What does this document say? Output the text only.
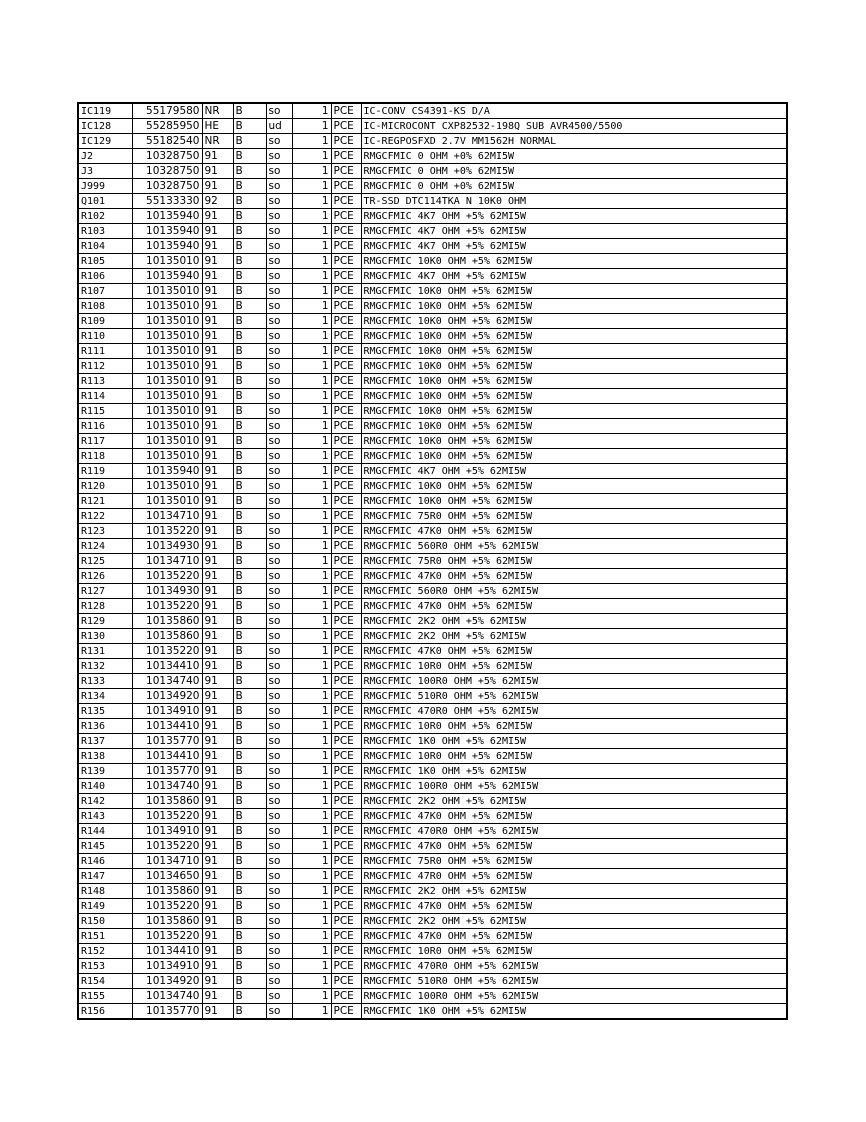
IC119	55179580	NR	B	so	1	PCE	IC-CONV CS4391-KS D/A
IC128	55285950	HE	B	ud	1	PCE	IC-MICROCONT CXP82532-198Q SUB AVR4500/5500
IC129	55182540	NR	B	so	1	PCE	IC-REGPOSFXD 2.7V MM1562H NORMAL
J2	10328750	91	B	so	1	PCE	RMGCFMIC 0 OHM +0% 62MI5W
J3	10328750	91	B	so	1	PCE	RMGCFMIC 0 OHM +0% 62MI5W
J999	10328750	91	B	so	1	PCE	RMGCFMIC 0 OHM +0% 62MI5W
Q101	55133330	92	B	so	1	PCE	TR-SSD DTC114TKA N 10K0 OHM
R102	10135940	91	B	so	1	PCE	RMGCFMIC 4K7 OHM +5% 62MI5W
R103	10135940	91	B	so	1	PCE	RMGCFMIC 4K7 OHM +5% 62MI5W
R104	10135940	91	B	so	1	PCE	RMGCFMIC 4K7 OHM +5% 62MI5W
R105	10135010	91	B	so	1	PCE	RMGCFMIC 10K0 OHM +5% 62MI5W
R106	10135940	91	B	so	1	PCE	RMGCFMIC 4K7 OHM +5% 62MI5W
R107	10135010	91	B	so	1	PCE	RMGCFMIC 10K0 OHM +5% 62MI5W
R108	10135010	91	B	so	1	PCE	RMGCFMIC 10K0 OHM +5% 62MI5W
R109	10135010	91	B	so	1	PCE	RMGCFMIC 10K0 OHM +5% 62MI5W
R110	10135010	91	B	so	1	PCE	RMGCFMIC 10K0 OHM +5% 62MI5W
R111	10135010	91	B	so	1	PCE	RMGCFMIC 10K0 OHM +5% 62MI5W
R112	10135010	91	B	so	1	PCE	RMGCFMIC 10K0 OHM +5% 62MI5W
R113	10135010	91	B	so	1	PCE	RMGCFMIC 10K0 OHM +5% 62MI5W
R114	10135010	91	B	so	1	PCE	RMGCFMIC 10K0 OHM +5% 62MI5W
R115	10135010	91	B	so	1	PCE	RMGCFMIC 10K0 OHM +5% 62MI5W
R116	10135010	91	B	so	1	PCE	RMGCFMIC 10K0 OHM +5% 62MI5W
R117	10135010	91	B	so	1	PCE	RMGCFMIC 10K0 OHM +5% 62MI5W
R118	10135010	91	B	so	1	PCE	RMGCFMIC 10K0 OHM +5% 62MI5W
R119	10135940	91	B	so	1	PCE	RMGCFMIC 4K7 OHM +5% 62MI5W
R120	10135010	91	B	so	1	PCE	RMGCFMIC 10K0 OHM +5% 62MI5W
R121	10135010	91	B	so	1	PCE	RMGCFMIC 10K0 OHM +5% 62MI5W
R122	10134710	91	B	so	1	PCE	RMGCFMIC 75R0 OHM +5% 62MI5W
R123	10135220	91	B	so	1	PCE	RMGCFMIC 47K0 OHM +5% 62MI5W
R124	10134930	91	B	so	1	PCE	RMGCFMIC 560R0 OHM +5% 62MI5W
R125	10134710	91	B	so	1	PCE	RMGCFMIC 75R0 OHM +5% 62MI5W
R126	10135220	91	B	so	1	PCE	RMGCFMIC 47K0 OHM +5% 62MI5W
R127	10134930	91	B	so	1	PCE	RMGCFMIC 560R0 OHM +5% 62MI5W
R128	10135220	91	B	so	1	PCE	RMGCFMIC 47K0 OHM +5% 62MI5W
R129	10135860	91	B	so	1	PCE	RMGCFMIC 2K2 OHM +5% 62MI5W
R130	10135860	91	B	so	1	PCE	RMGCFMIC 2K2 OHM +5% 62MI5W
R131	10135220	91	B	so	1	PCE	RMGCFMIC 47K0 OHM +5% 62MI5W
R132	10134410	91	B	so	1	PCE	RMGCFMIC 10R0 OHM +5% 62MI5W
R133	10134740	91	B	so	1	PCE	RMGCFMIC 100R0 OHM +5% 62MI5W
R134	10134920	91	B	so	1	PCE	RMGCFMIC 510R0 OHM +5% 62MI5W
R135	10134910	91	B	so	1	PCE	RMGCFMIC 470R0 OHM +5% 62MI5W
R136	10134410	91	B	so	1	PCE	RMGCFMIC 10R0 OHM +5% 62MI5W
R137	10135770	91	B	so	1	PCE	RMGCFMIC 1K0 OHM +5% 62MI5W
R138	10134410	91	B	so	1	PCE	RMGCFMIC 10R0 OHM +5% 62MI5W
R139	10135770	91	B	so	1	PCE	RMGCFMIC 1K0 OHM +5% 62MI5W
R140	10134740	91	B	so	1	PCE	RMGCFMIC 100R0 OHM +5% 62MI5W
R142	10135860	91	B	so	1	PCE	RMGCFMIC 2K2 OHM +5% 62MI5W
R143	10135220	91	B	so	1	PCE	RMGCFMIC 47K0 OHM +5% 62MI5W
R144	10134910	91	B	so	1	PCE	RMGCFMIC 470R0 OHM +5% 62MI5W
R145	10135220	91	B	so	1	PCE	RMGCFMIC 47K0 OHM +5% 62MI5W
R146	10134710	91	B	so	1	PCE	RMGCFMIC 75R0 OHM +5% 62MI5W
R147	10134650	91	B	so	1	PCE	RMGCFMIC 47R0 OHM +5% 62MI5W
R148	10135860	91	B	so	1	PCE	RMGCFMIC 2K2 OHM +5% 62MI5W
R149	10135220	91	B	so	1	PCE	RMGCFMIC 47K0 OHM +5% 62MI5W
R150	10135860	91	B	so	1	PCE	RMGCFMIC 2K2 OHM +5% 62MI5W
R151	10135220	91	B	so	1	PCE	RMGCFMIC 47K0 OHM +5% 62MI5W
R152	10134410	91	B	so	1	PCE	RMGCFMIC 10R0 OHM +5% 62MI5W
R153	10134910	91	B	so	1	PCE	RMGCFMIC 470R0 OHM +5% 62MI5W
R154	10134920	91	B	so	1	PCE	RMGCFMIC 510R0 OHM +5% 62MI5W
R155	10134740	91	B	so	1	PCE	RMGCFMIC 100R0 OHM +5% 62MI5W
R156	10135770	91	B	so	1	PCE	RMGCFMIC 1K0 OHM +5% 62MI5W
